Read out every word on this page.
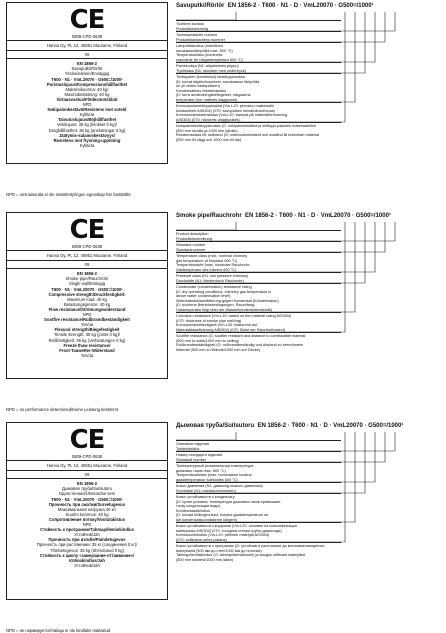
CE
0809-CPD-0638
Harvia Oy, PL 12, 40951 Muurame, Finland
09
EN 1856-2
Savuputki/Rörlör
Yksiseinäinen/Enväggig
T600 · N1 · VmL20070 · G500=/1000¹
Puristuslujuus/Kompressionshållfasthet
Maksimikuorma: 40 kg/
Maximibelastning: 40 kg
Virtausvastus/Flödesmotstånd
NPD
Nokipalonkestävä/Resistens mot soteld
Kyllä/Ja
Taivutuslujuus/Böjhållfasthet
Vetolujuus: 35 kg (liitokset 0 kg)/
Draghållfasthet: 35 kg (anslutningar 0 kg)
Jäätymis-sulamiskestävyys/
Resistens mot frysning-upptining
Kyllä/Ja
Savuputki/Rörlör EN 1856-2 · T600 · N1 · D · VmL20070 · G500=/1000¹
Tuotteen kuvaus
Produktbeskrivning
Tuotestandardin numero
Produktstandardens nummer
Lämpötilaluokka (nimellinen
savukaasulämpötila max. 600 °C)
Temperaturklass (nominella
maxvärde för rökgastemperatur 600 °C)
Paineluokka (N1: alipaineinen piippu)
Tryckklass (N1: skorsten med undertryck)
Tiiviisyyden (kondenssi) kestävyysluokka
(D: kuivat käyttöolosuhteet, savukaasun lämpötila
on yli veden kastepisteen)
Kondensations resistensklass
(D: torra användningsbetingelser, rökgasens
temperatur över vattnets daggpunkt)
Korroosionkestävyysluokka (Vm-L20: perustuu materiaalin
kulutukseen AISI304) (070: savuputken seinämänvahvuus)
Korrosionsresistensklass (Vm-L20: baserat på materialförbrukning
AISI304) (070: rökrörets väggtjocklek)
Nokipalonkestävyysluokka (G: nokipalonkestävä ja etäisyys palavien materiaaleihin
(500 mm sivuille ja 1000 mm katolle)
Resistensklass för sotbrand (G: sotbrandsresistent och avstånd till brännbart material
(500 mm till vägg och 1000 mm till tak)
NPD = ominaisuutta ei ole määritetty/ingen egenskap har fastställts
CE
0809-CPD-0638
Harvia Oy, PL 12, 40951 Muurame, Finland
09
EN 1856-2
Smoke pipe/Rauchrohr
Single wall/Einlagig
T600 · N1 · VmL20070 · G500=/1000¹
Compressive strength/Druckfestigkeit:
Maximum load: 40 kg
Belastungsgrenze: 40 kg
Flow resistance/Strömungswiderstand
NPD
Sootfire resistance/Rußbrandbeständigkeit
Yes/Ja
Flexural strength/Biegefestigkeit
Tensile strength: 35 kg (joints 0 kg)/
Reißfestigkeit: 35 kg (Verbindungen 0 kg)
Freeze thaw resistance/
Frost-Tauwetter-Widerstand
Yes/Ja
Smoke pipe/Rauchrohr EN 1856-2 · T600 · N1 · D · VmL20070 · G500=/1000¹
Product description
Produktbeschreibung
Standard number
Standardnummer
Temperature class (max. nominal chimney
gas temperature of fireplace 600 °C)
Temperaturstufe (max. nominale Rauchrohr-
Gastemperatur des Kamins 600 °C)
Pressure class (N1: low pressure chimney)
Druckstufe (N1: Niederdruck Rauchrohr)
Condensate (condensation) resistance rating
(D: dry operating conditions, chimney gas temperature is
above water condensation level)
Widerstandsklassifizierung gegen Kondensat (Kondensation)
(D: trockene Betriebsbedingungen, Rauchfang-
Gastemperatur liegt über der Wasserkondensationsstufe)
Corrosion resistance (Vm-L20: based on the material rating AISI304)
(070: thickness of smoke pipe wall/ing)
Korrosionsbeständigkeit (Vm-L20: basierend auf
Materialklassifizierung AISI304) (070: Dicke der Rauchrohrwand)
Sootfire resistance (G: sootfire resistant and distance to combustible material
(500 mm to walls/1000 mm to ceiling)
Rußbrandbeständigkeit (G: rußbrandbeständig und Abstand zu brennbarem
Material (500 mm zu Wände/1000 mm zur Decke)
NPD = no performance determined/Keine Leistung bestimmt
CE
0809-CPD-0638
Harvia Oy, PL 12, 40951 Muurame, Finland
09
EN 1856-2
Дымовая труба/Suitsutoru
Одностенная/Ühekordne sein
T600 · N1 · VmL20070 · G500=/1000¹
Прочность при сжатии/Survetugevus
Максимальная нагрузка 40 кг/
Suurim koormus: 40 kg
Сопротивление потоку/Voolutakistus
NPD
Стойкость к програнию/Tahmapõlemiskindlus
Устойчив/Jah
Прочность при изгибе/Paindetugevus
Прочность при растяжении: 35 кг (соединения 0 кг)/
Tõmbetugevus: 35 kg (ühendused 0 kg)
Стойкость к циклу «замерзание-оттаивание»/
Külmakindlus/Jah
Устойчив/Jah
Дымовая труба/Suitsutoru EN 1856-2 · T600 · N1 · D · VmL20070 · G500=/1000¹
Описание изделия
Tootekirjeldus
Номер стандарта изделия
Standardi number
Температурный (номинальная температура
дымовых газов max. 600 °C)
Temperatuuriklass (max. nominaalne korstna
gaasitemperatuur tulekoldes 600 °C)
Класс давления (N1: дымоход низкого давления)
Survetase (N1: madalsurvekorsten)
Класс устойчивости к конденсату
(D: сухие условия, температура дымовых газов превышает
точку конденсации воды)
Kondensaadikindlus
(D: kuivad töötingimused, korstna gaasitemperatuur on
üle kondensatsioonitaseme kõrgem)
Класс устойчивости к коррозии (Vm-L20: основан на классификации
материала AISI304) (070: толщина стенки трубы дымохода)
Korrosioonikindlus (Vm-L20: põhineb materjali AISI304)
(070: suitsutoru seina paksus)
Класс устойчивости к програнию (G: устойчив и расстояние до воспламеняющегося
материала (500 мм до стен/1000 мм до потолка)
Tahmapõlemiskindlus (G: tahmapõlemiskindel) ja kaugus süttivast materjalist
(500 mm seintest/1000 mm lakke)
NPD = не нормируется/näitaja ei ole kindlaks määratud
